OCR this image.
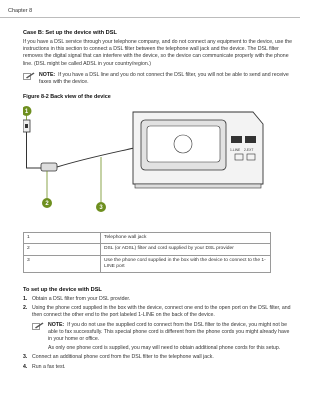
Chapter 8
Case B: Set up the device with DSL

If you have a DSL service through your telephone company, and do not connect any equipment to the device, use the instructions in this section to connect a DSL filter between the telephone wall jack and the device. The DSL filter removes the digital signal that can interfere with the device, so the device can communicate properly with the phone line. (DSL might be called ADSL in your country/region.)

NOTE: If you have a DSL line and you do not connect the DSL filter, you will not be able to send and receive faxes with the device.
Figure 8-2 Back view of the device
1-LINE 2-EXT
1
2
3
1	Telephone wall jack
2	DSL (or ADSL) filter and cord supplied by your DSL provider
3	Use the phone cord supplied in the box with the device to connect to the 1-LINE port
To set up the device with DSL
1. Obtain a DSL filter from your DSL provider.
2. Using the phone cord supplied in the box with the device, connect one end to the open port on the DSL filter, and then connect the other end to the port labeled 1-LINE on the back of the device.
NOTE: If you do not use the supplied cord to connect from the DSL filter to the device, you might not be able to fax successfully. This special phone cord is different from the phone cords you might already have in your home or office.

As only one phone cord is supplied, you may will need to obtain additional phone cords for this setup.

3. Connect an additional phone cord from the DSL filter to the telephone wall jack.
4. Run a fax test.
